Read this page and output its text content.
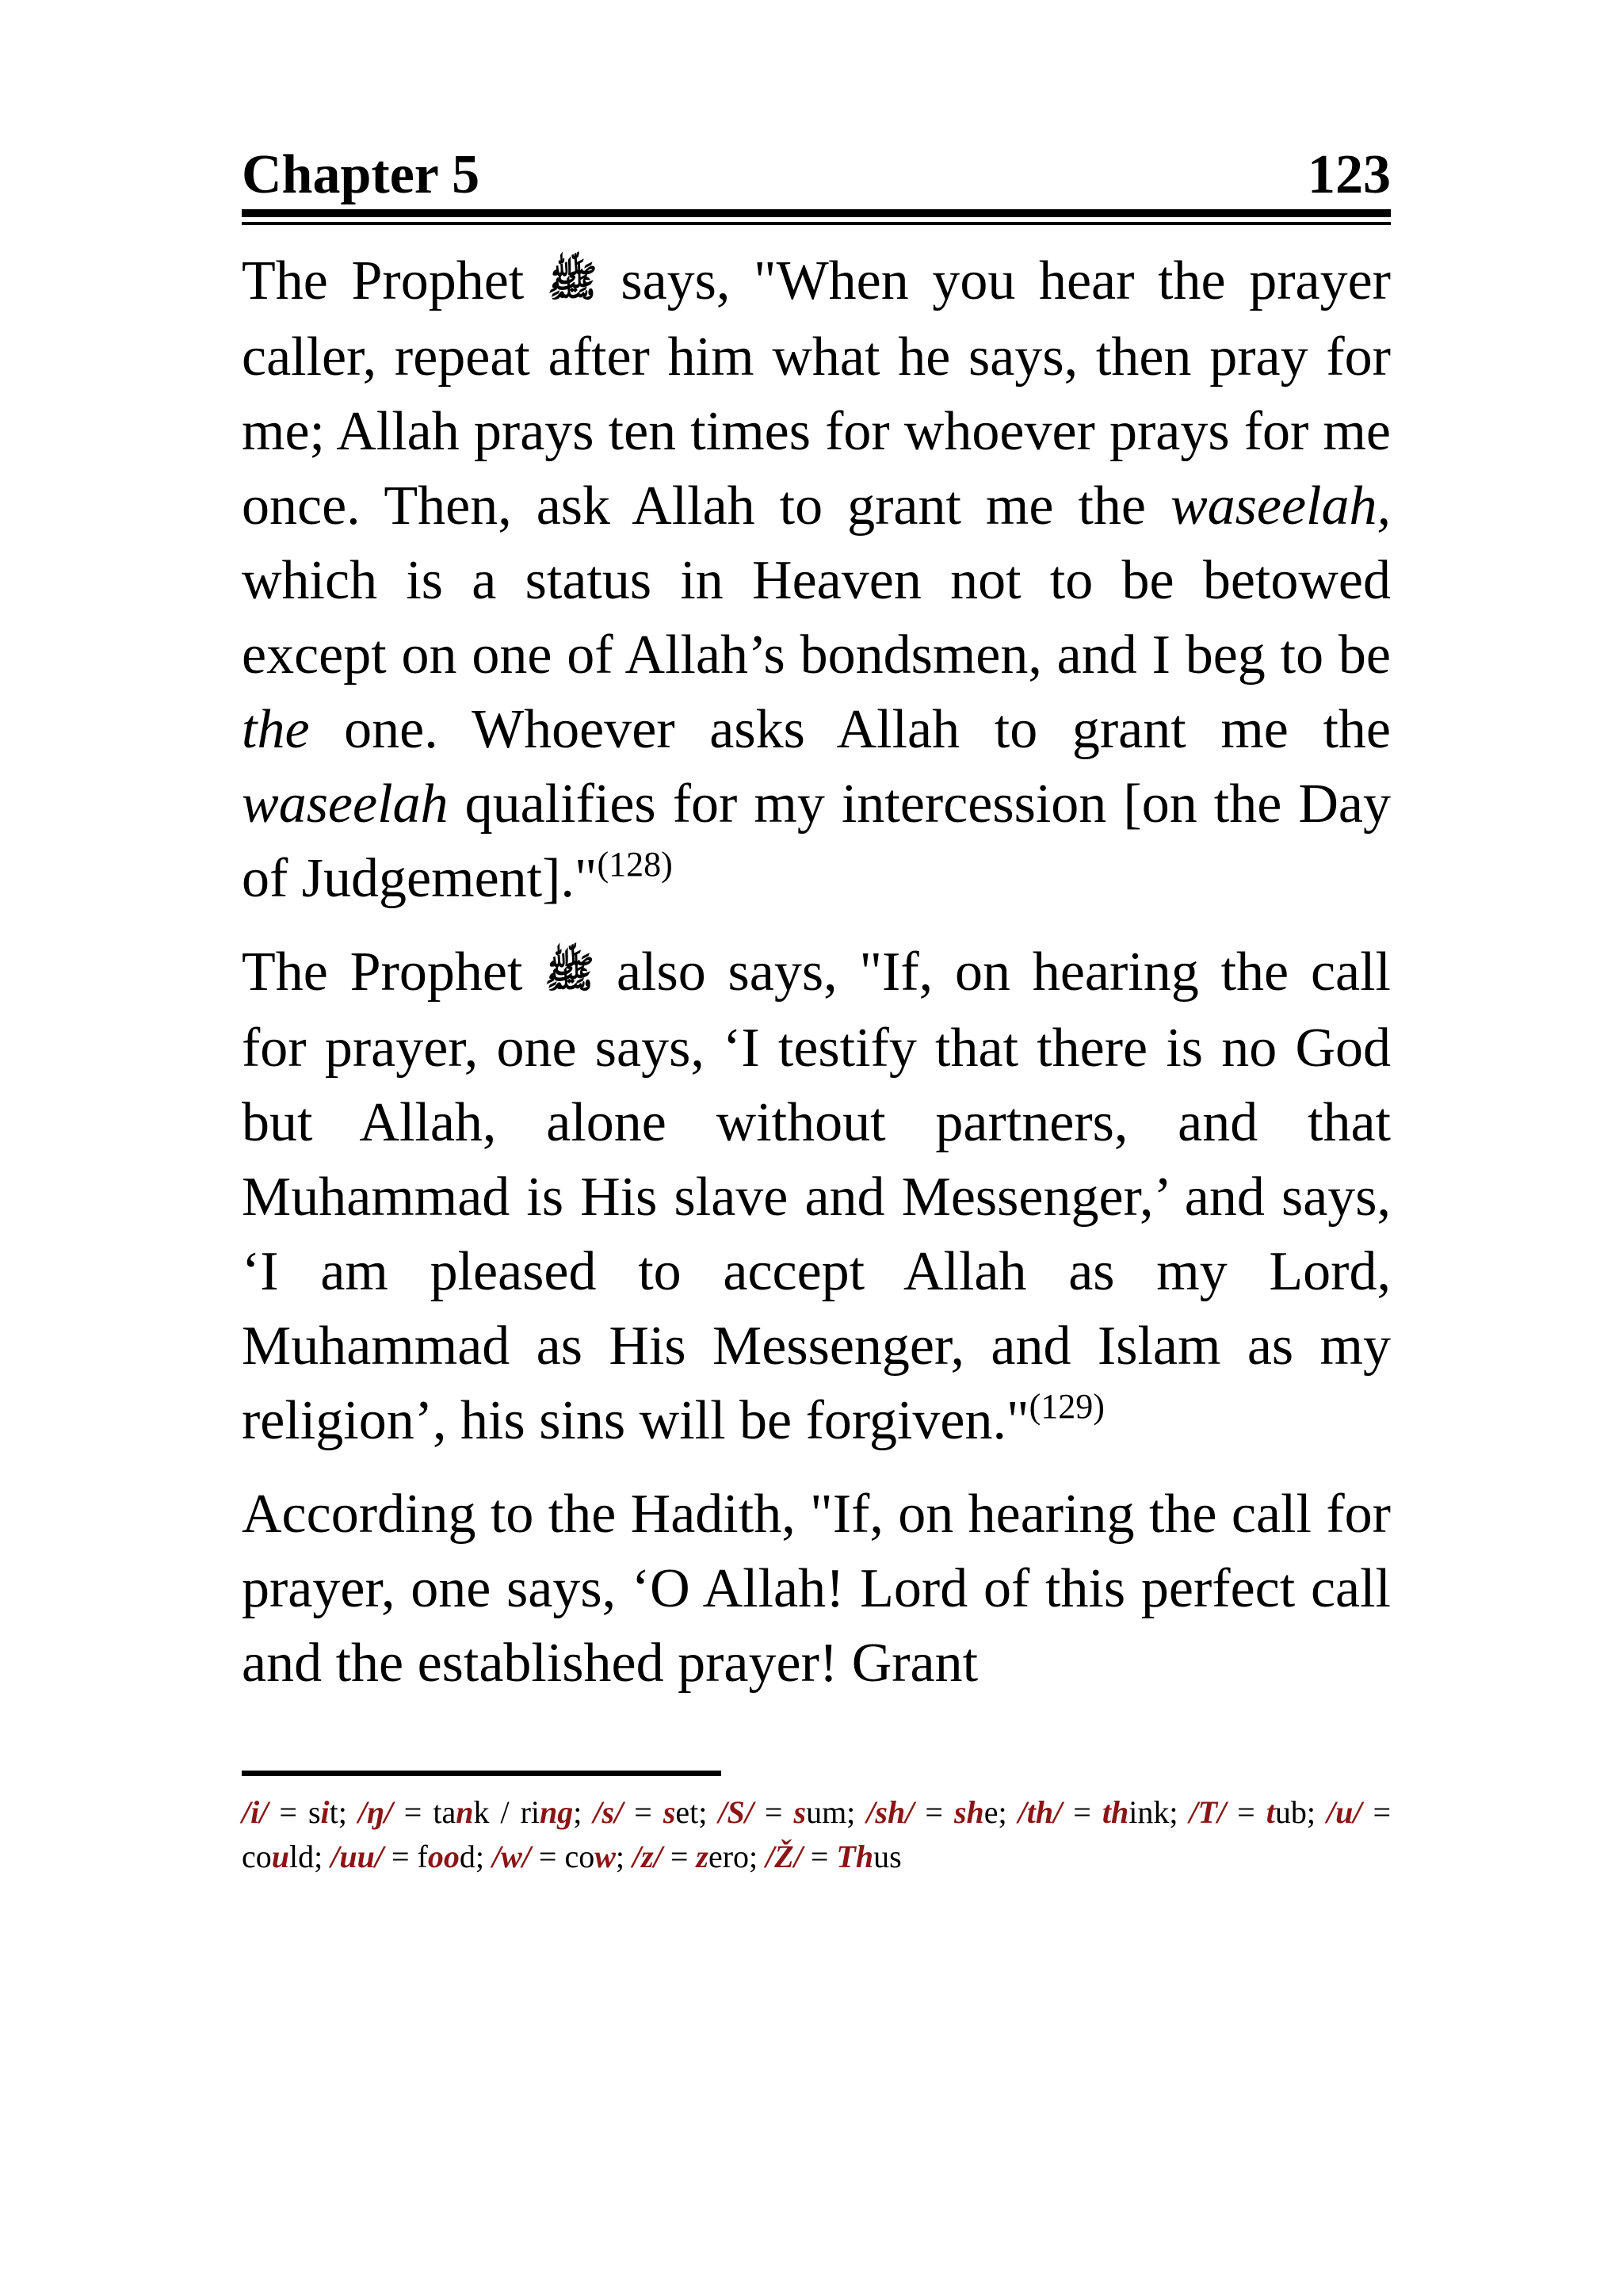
Chapter 5	123

The Prophet ﷺ says, "When you hear the prayer caller, repeat after him what he says, then pray for me; Allah prays ten times for whoever prays for me once. Then, ask Allah to grant me the waseelah, which is a status in Heaven not to be betowed except on one of Allah’s bondsmen, and I beg to be the one. Whoever asks Allah to grant me the waseelah qualifies for my intercession [on the Day of Judgement]."$^{(128)}$

The Prophet ﷺ also says, "If, on hearing the call for prayer, one says, ‘I testify that there is no God but Allah, alone without partners, and that Muhammad is His slave and Messenger,’ and says, ‘I am pleased to accept Allah as my Lord, Muhammad as His Messenger, and Islam as my religion’, his sins will be forgiven."$^{(129)}$

According to the Hadith, "If, on hearing the call for prayer, one says, ‘O Allah! Lord of this perfect call and the established prayer! Grant

/i/ = sit; /ŋ/ = tank / ring; /s/ = set; /S/ = sum; /sh/ = she; /th/ = think; /T/ = tub; /u/ = could; /uu/ = food; /w/ = cow; /z/ = zero; /Ž/ = Thus
